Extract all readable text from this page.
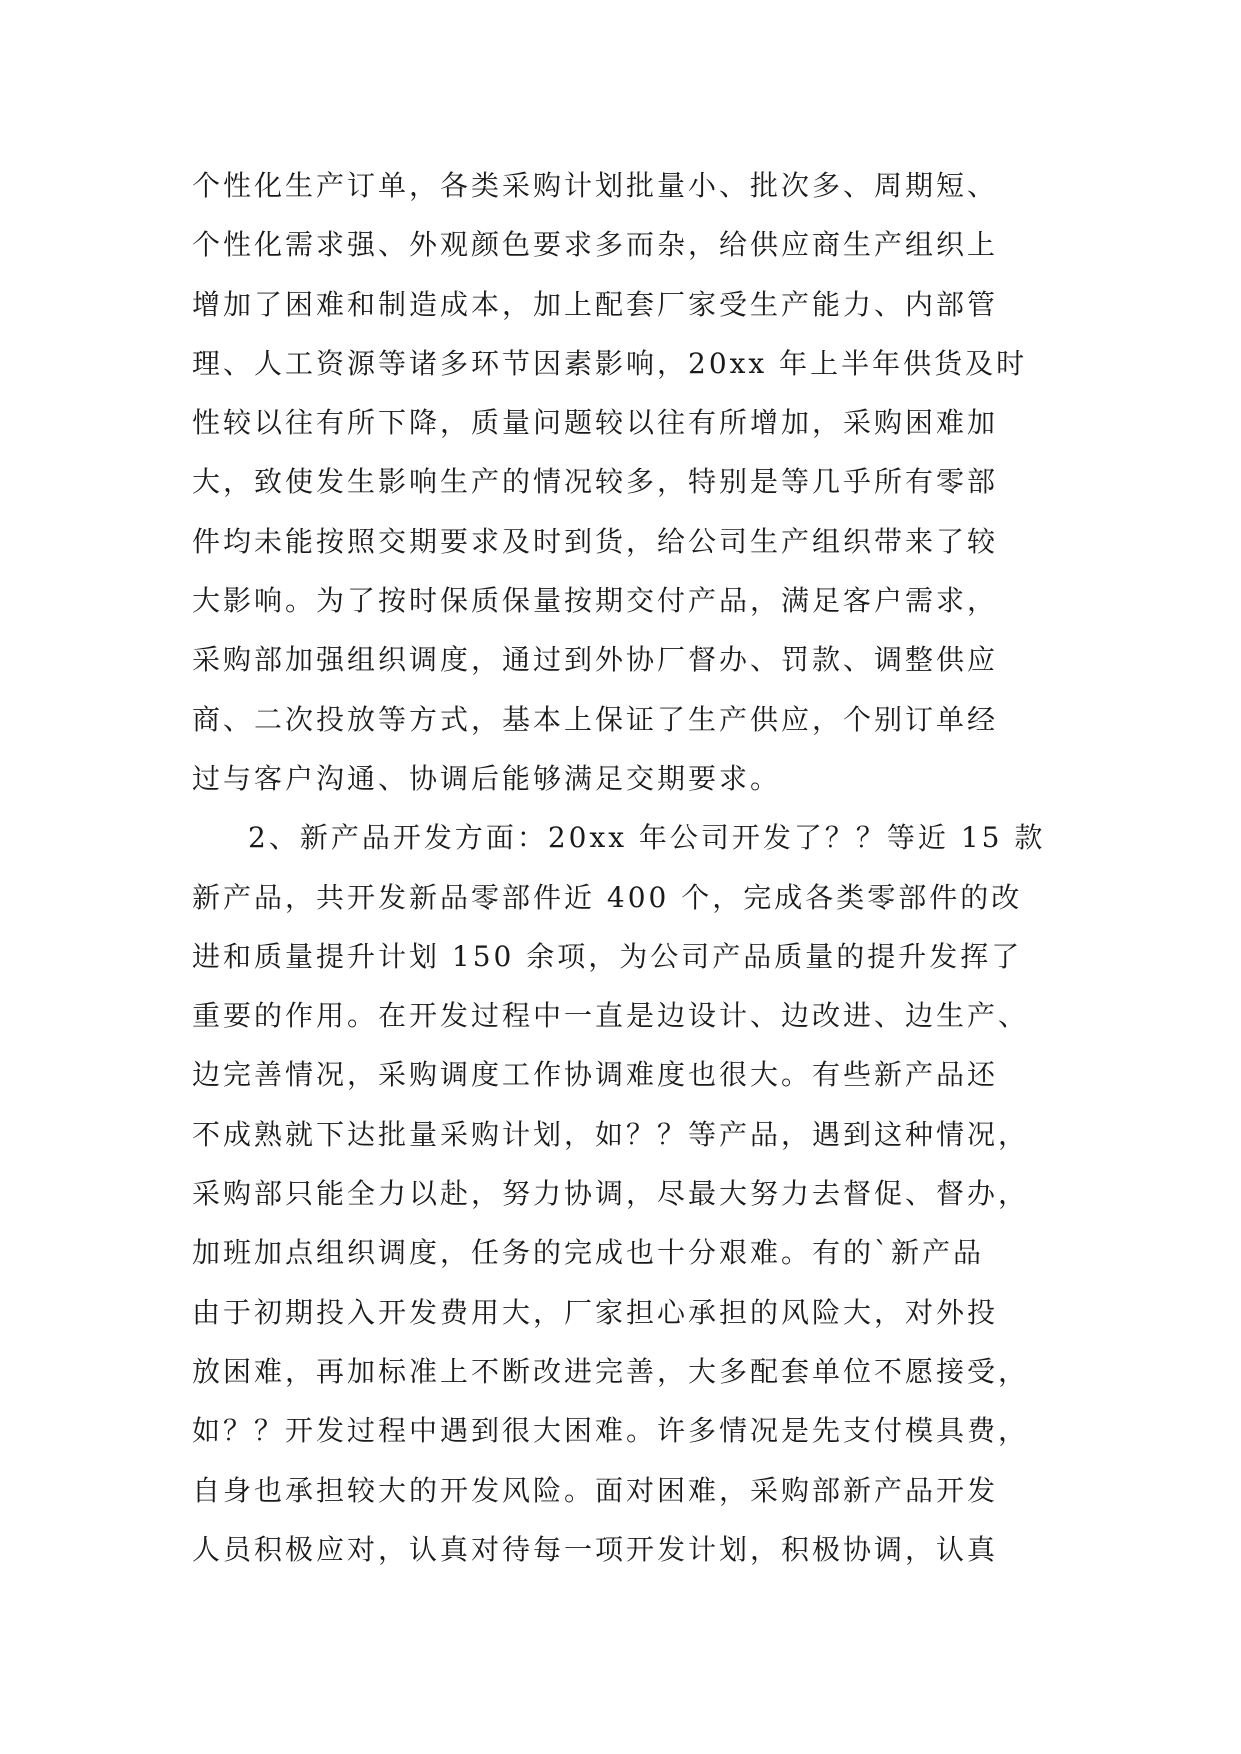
个性化生产订单，各类采购计划批量小、批次多、周期短、
个性化需求强、外观颜色要求多而杂，给供应商生产组织上
增加了困难和制造成本，加上配套厂家受生产能力、内部管
理、人工资源等诸多环节因素影响，20xx 年上半年供货及时
性较以往有所下降，质量问题较以往有所增加，采购困难加
大，致使发生影响生产的情况较多，特别是等几乎所有零部
件均未能按照交期要求及时到货，给公司生产组织带来了较
大影响。为了按时保质保量按期交付产品，满足客户需求，
采购部加强组织调度，通过到外协厂督办、罚款、调整供应
商、二次投放等方式，基本上保证了生产供应，个别订单经
过与客户沟通、协调后能够满足交期要求。
2、新产品开发方面：20xx 年公司开发了？？等近 15 款
新产品，共开发新品零部件近 400 个，完成各类零部件的改
进和质量提升计划 150 余项，为公司产品质量的提升发挥了
重要的作用。在开发过程中一直是边设计、边改进、边生产、
边完善情况，采购调度工作协调难度也很大。有些新产品还
不成熟就下达批量采购计划，如？？等产品，遇到这种情况，
采购部只能全力以赴，努力协调，尽最大努力去督促、督办，
加班加点组织调度，任务的完成也十分艰难。有的`新产品
由于初期投入开发费用大，厂家担心承担的风险大，对外投
放困难，再加标准上不断改进完善，大多配套单位不愿接受，
如？？开发过程中遇到很大困难。许多情况是先支付模具费，
自身也承担较大的开发风险。面对困难，采购部新产品开发
人员积极应对，认真对待每一项开发计划，积极协调，认真
